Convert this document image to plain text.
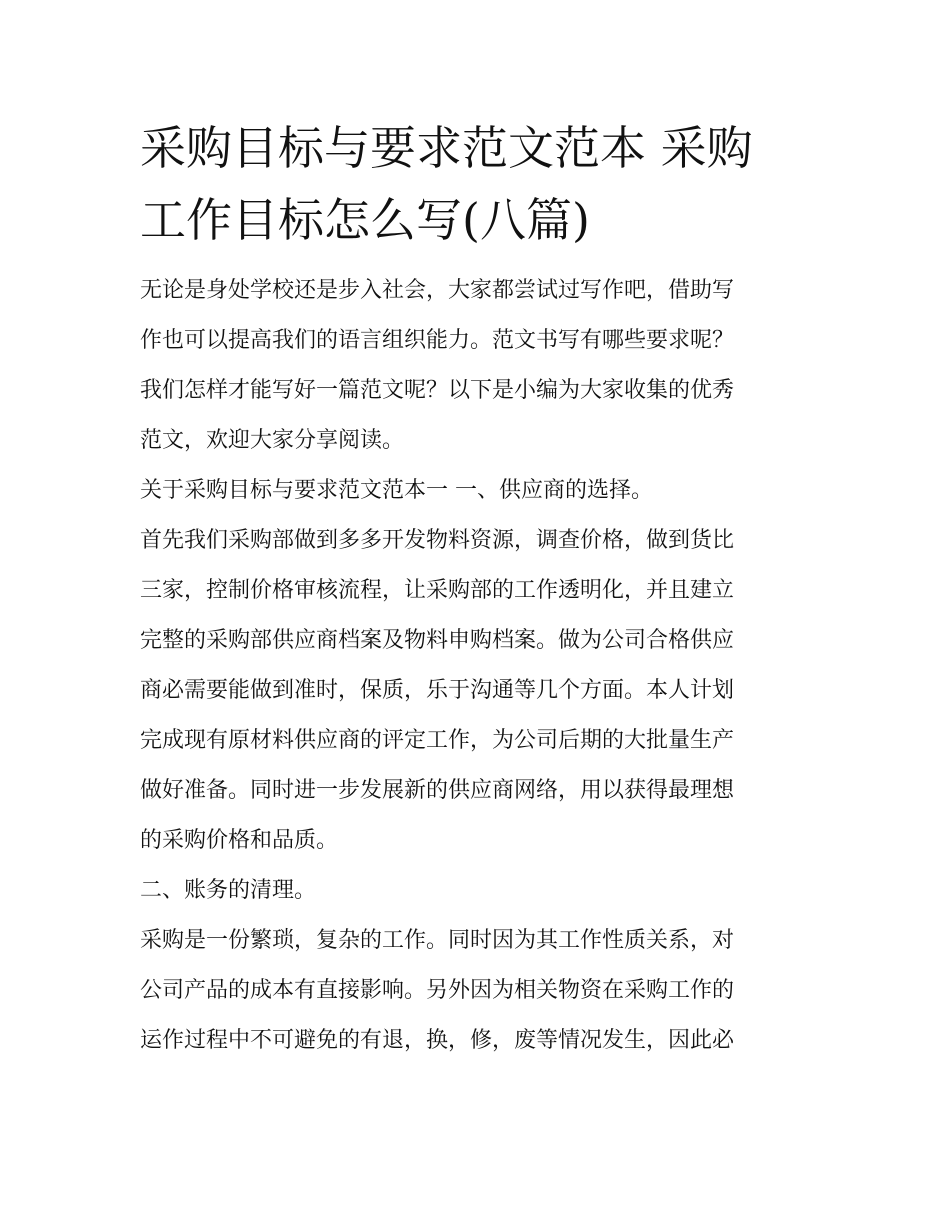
采购目标与要求范文范本 采购
工作目标怎么写(八篇)

无论是身处学校还是步入社会，大家都尝试过写作吧，借助写
作也可以提高我们的语言组织能力。范文书写有哪些要求呢？
我们怎样才能写好一篇范文呢？以下是小编为大家收集的优秀
范文，欢迎大家分享阅读。

关于采购目标与要求范文范本一 一、供应商的选择。

首先我们采购部做到多多开发物料资源，调查价格，做到货比
三家，控制价格审核流程，让采购部的工作透明化，并且建立
完整的采购部供应商档案及物料申购档案。做为公司合格供应
商必需要能做到准时，保质，乐于沟通等几个方面。本人计划
完成现有原材料供应商的评定工作，为公司后期的大批量生产
做好准备。同时进一步发展新的供应商网络，用以获得最理想
的采购价格和品质。

二、账务的清理。

采购是一份繁琐，复杂的工作。同时因为其工作性质关系，对
公司产品的成本有直接影响。另外因为相关物资在采购工作的
运作过程中不可避免的有退，换，修，废等情况发生，因此必
